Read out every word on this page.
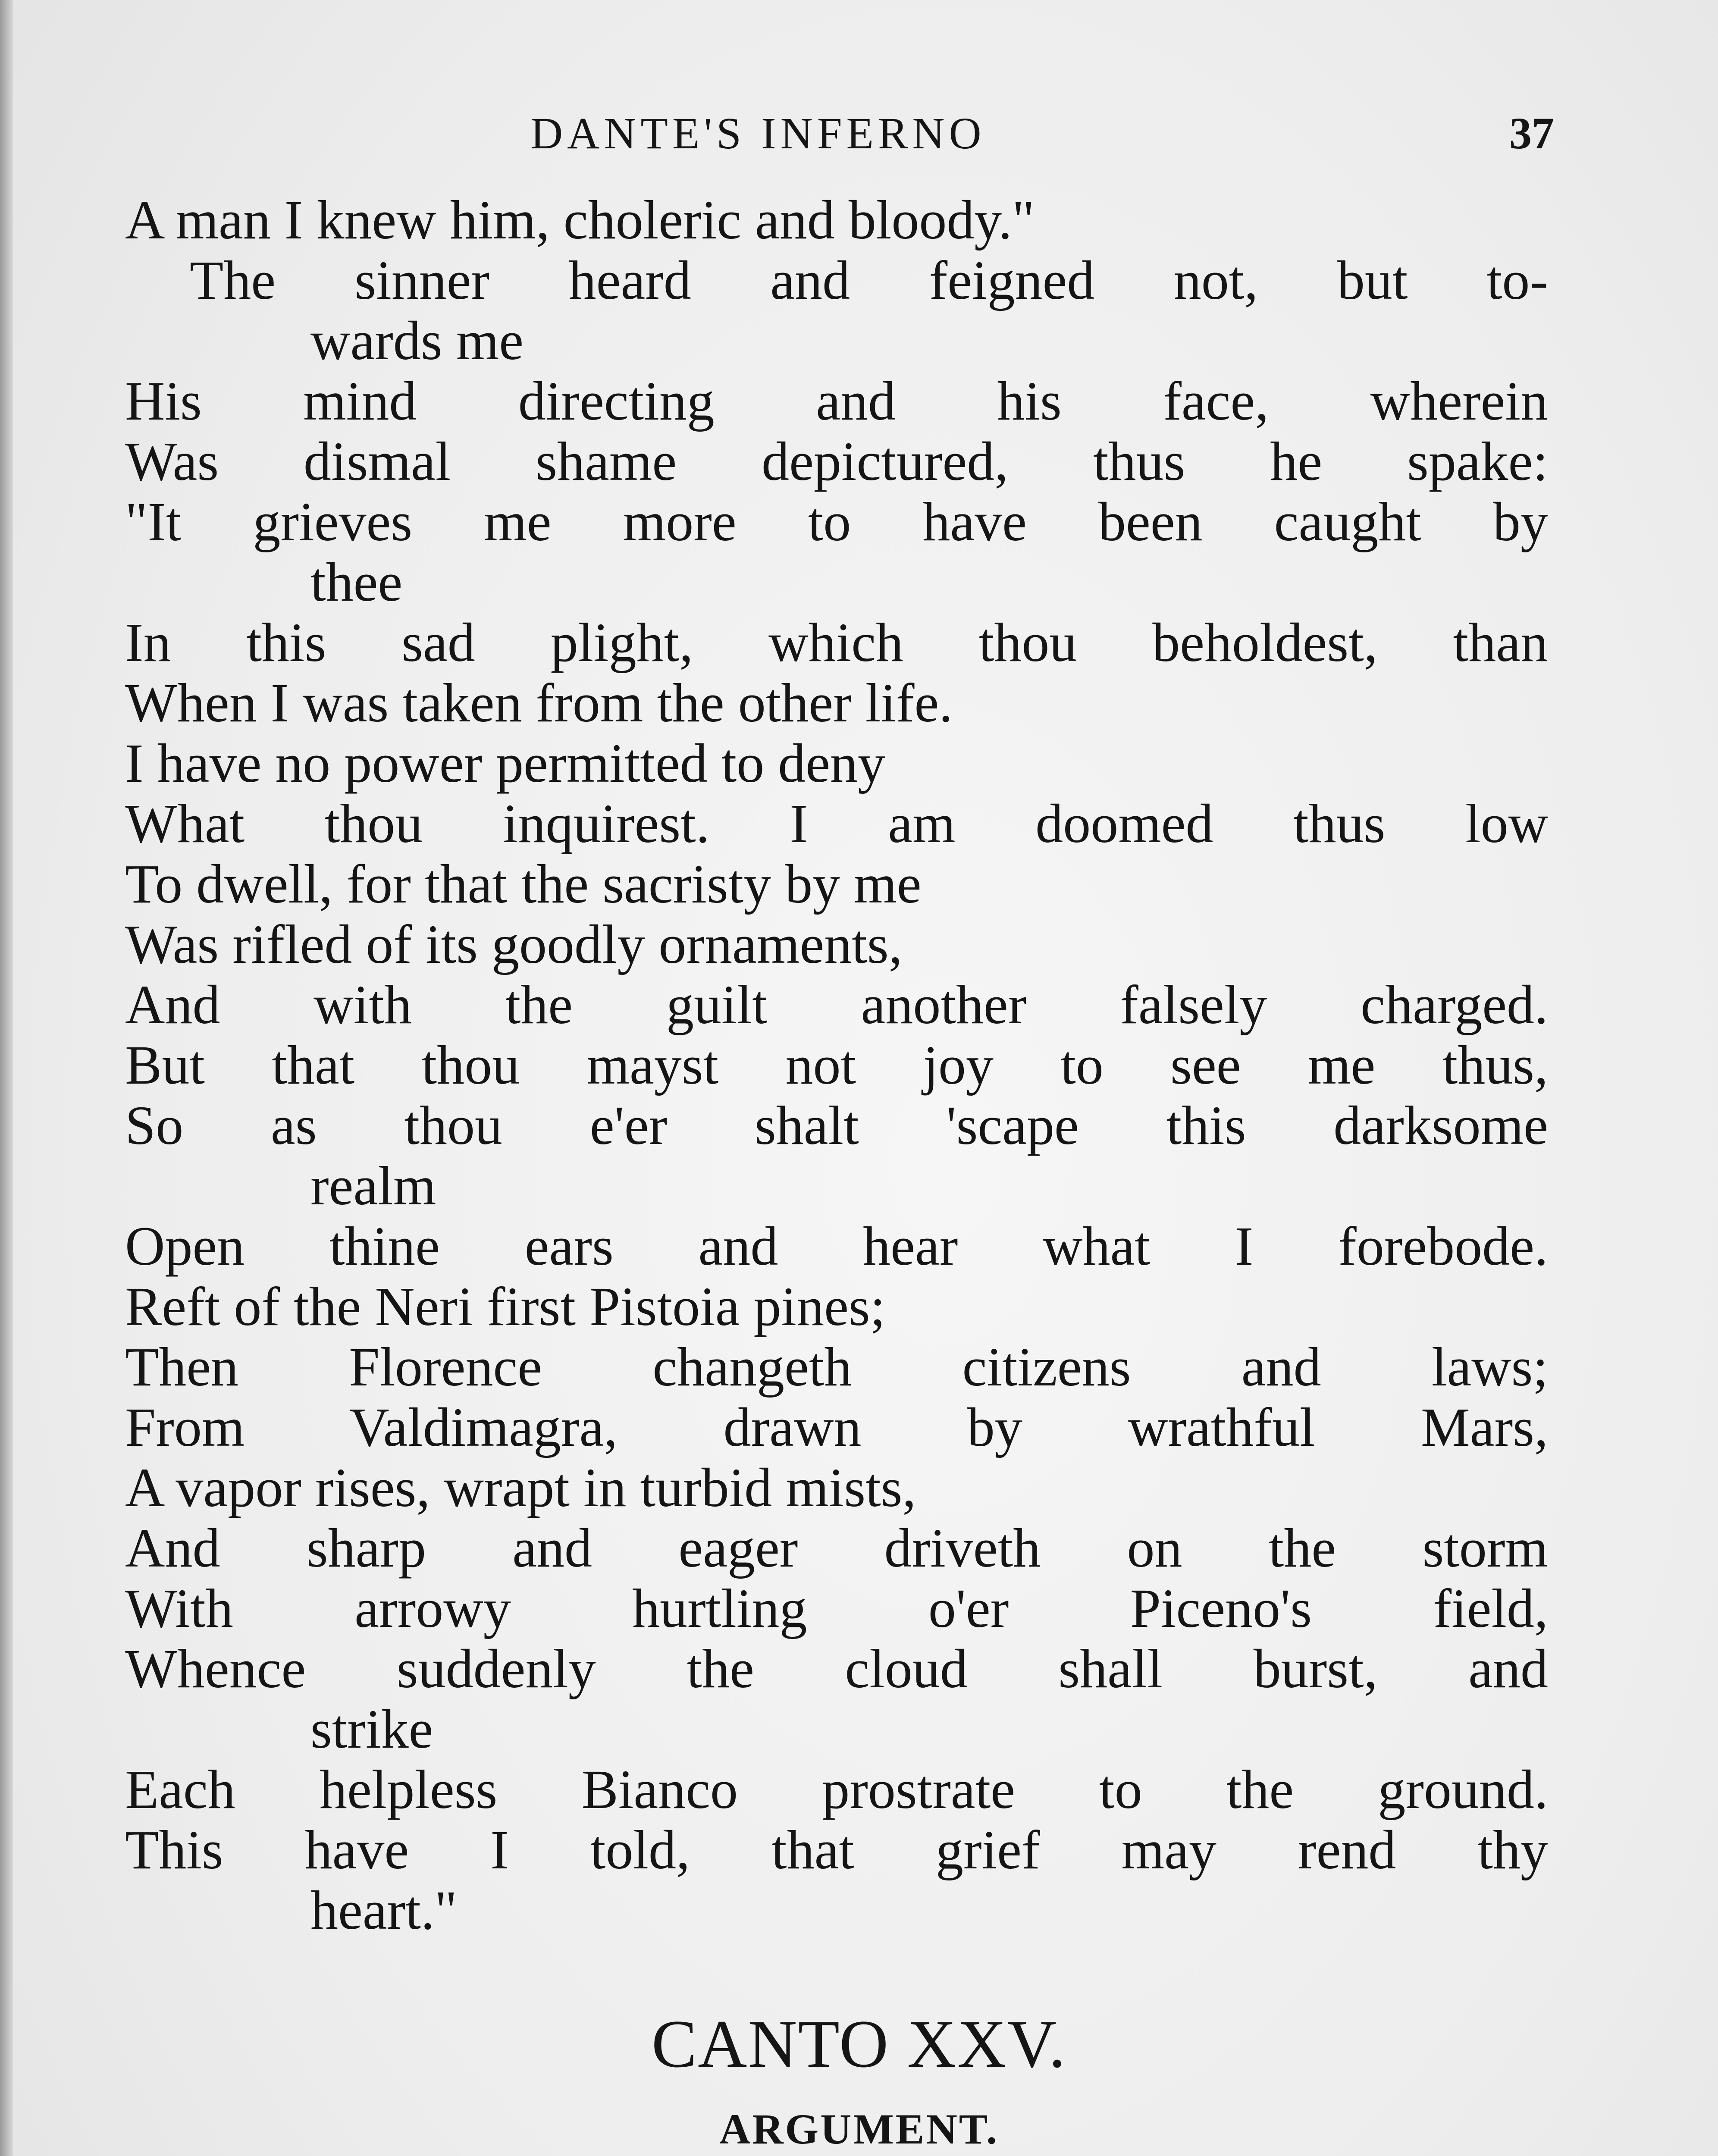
DANTE'S INFERNO	37
A man I knew him, choleric and bloody."
The sinner heard and feigned not, but to-
wards me
His mind directing and his face, wherein
Was dismal shame depictured, thus he spake:
"It grieves me more to have been caught by
thee
In this sad plight, which thou beholdest, than
When I was taken from the other life.
I have no power permitted to deny
What thou inquirest. I am doomed thus low
To dwell, for that the sacristy by me
Was rifled of its goodly ornaments,
And with the guilt another falsely charged.
But that thou mayst not joy to see me thus,
So as thou e'er shalt 'scape this darksome
realm
Open thine ears and hear what I forebode.
Reft of the Neri first Pistoia pines;
Then Florence changeth citizens and laws;
From Valdimagra, drawn by wrathful Mars,
A vapor rises, wrapt in turbid mists,
And sharp and eager driveth on the storm
With arrowy hurtling o'er Piceno's field,
Whence suddenly the cloud shall burst, and
strike
Each helpless Bianco prostrate to the ground.
This have I told, that grief may rend thy
heart."
CANTO XXV.
ARGUMENT.
